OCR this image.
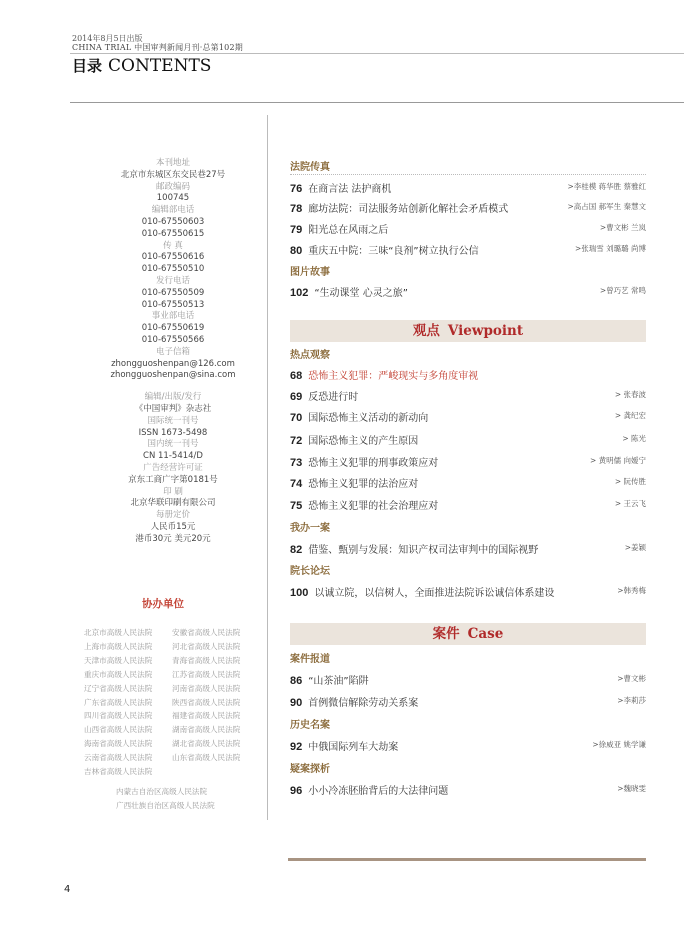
2014年8月5日出版
CHINA TRIAL 中国审判新闻月刊·总第102期
目录 CONTENTS
本刊地址
北京市东城区东交民巷27号
邮政编码
100745
编辑部电话
010-67550603
010-67550615
传 真
010-67550616
010-67550510
发行电话
010-67550509
010-67550513
事业部电话
010-67550619
010-67550566
电子信箱
zhongguoshenpan@126.com
zhongguoshenpan@sina.com
编辑/出版/发行
《中国审判》杂志社
国际统一刊号
ISSN 1673-5498
国内统一刊号
CN 11-5414/D
广告经营许可证
京东工商广字第0181号
印 刷
北京华联印刷有限公司
每册定价
人民币15元
港币30元 美元20元
协办单位
北京市高级人民法院	安徽省高级人民法院
上海市高级人民法院	河北省高级人民法院
天津市高级人民法院	青海省高级人民法院
重庆市高级人民法院	江苏省高级人民法院
辽宁省高级人民法院	河南省高级人民法院
广东省高级人民法院	陕西省高级人民法院
四川省高级人民法院	福建省高级人民法院
山西省高级人民法院	湖南省高级人民法院
海南省高级人民法院	湖北省高级人民法院
云南省高级人民法院	山东省高级人民法院
吉林省高级人民法院
内蒙古自治区高级人民法院
广西壮族自治区高级人民法院
法院传真
76 在商言法 法护商机	>李桂模 蒋华胜 蔡雅红
78 廊坊法院：司法服务站创新化解社会矛盾模式	>高占国 郝军生 秦慧文
79 阳光总在风雨之后	>曹文彬 兰岚
80 重庆五中院：三味“良剂”树立执行公信	>张瑞雪 刘璐璐 尚博
图片故事
102 “生动课堂 心灵之旅”	>曾巧艺 常鸣
观点 Viewpoint
热点观察
68 恐怖主义犯罪：严峻现实与多角度审视
69 反恐进行时	> 张春波
70 国际恐怖主义活动的新动向	> 龚纪宏
72 国际恐怖主义的产生原因	> 陈光
73 恐怖主义犯罪的刑事政策应对	> 黄明儒 向嫒宁
74 恐怖主义犯罪的法治应对	> 阮传胜
75 恐怖主义犯罪的社会治理应对	> 王云飞
我办一案
82 借鉴、甄别与发展：知识产权司法审判中的国际视野	>姜颖
院长论坛
100 以诚立院，以信树人，全面推进法院诉讼诚信体系建设	>韩秀梅
案件 Case
案件报道
86 “山茶油”陷阱	>曹文彬
90 首例微信解除劳动关系案	>李莉莎
历史名案
92 中俄国际列车大劫案	>徐威亚 姚学谦
疑案探析
96 小小冷冻胚胎背后的大法律问题	>魏晓雯
4
